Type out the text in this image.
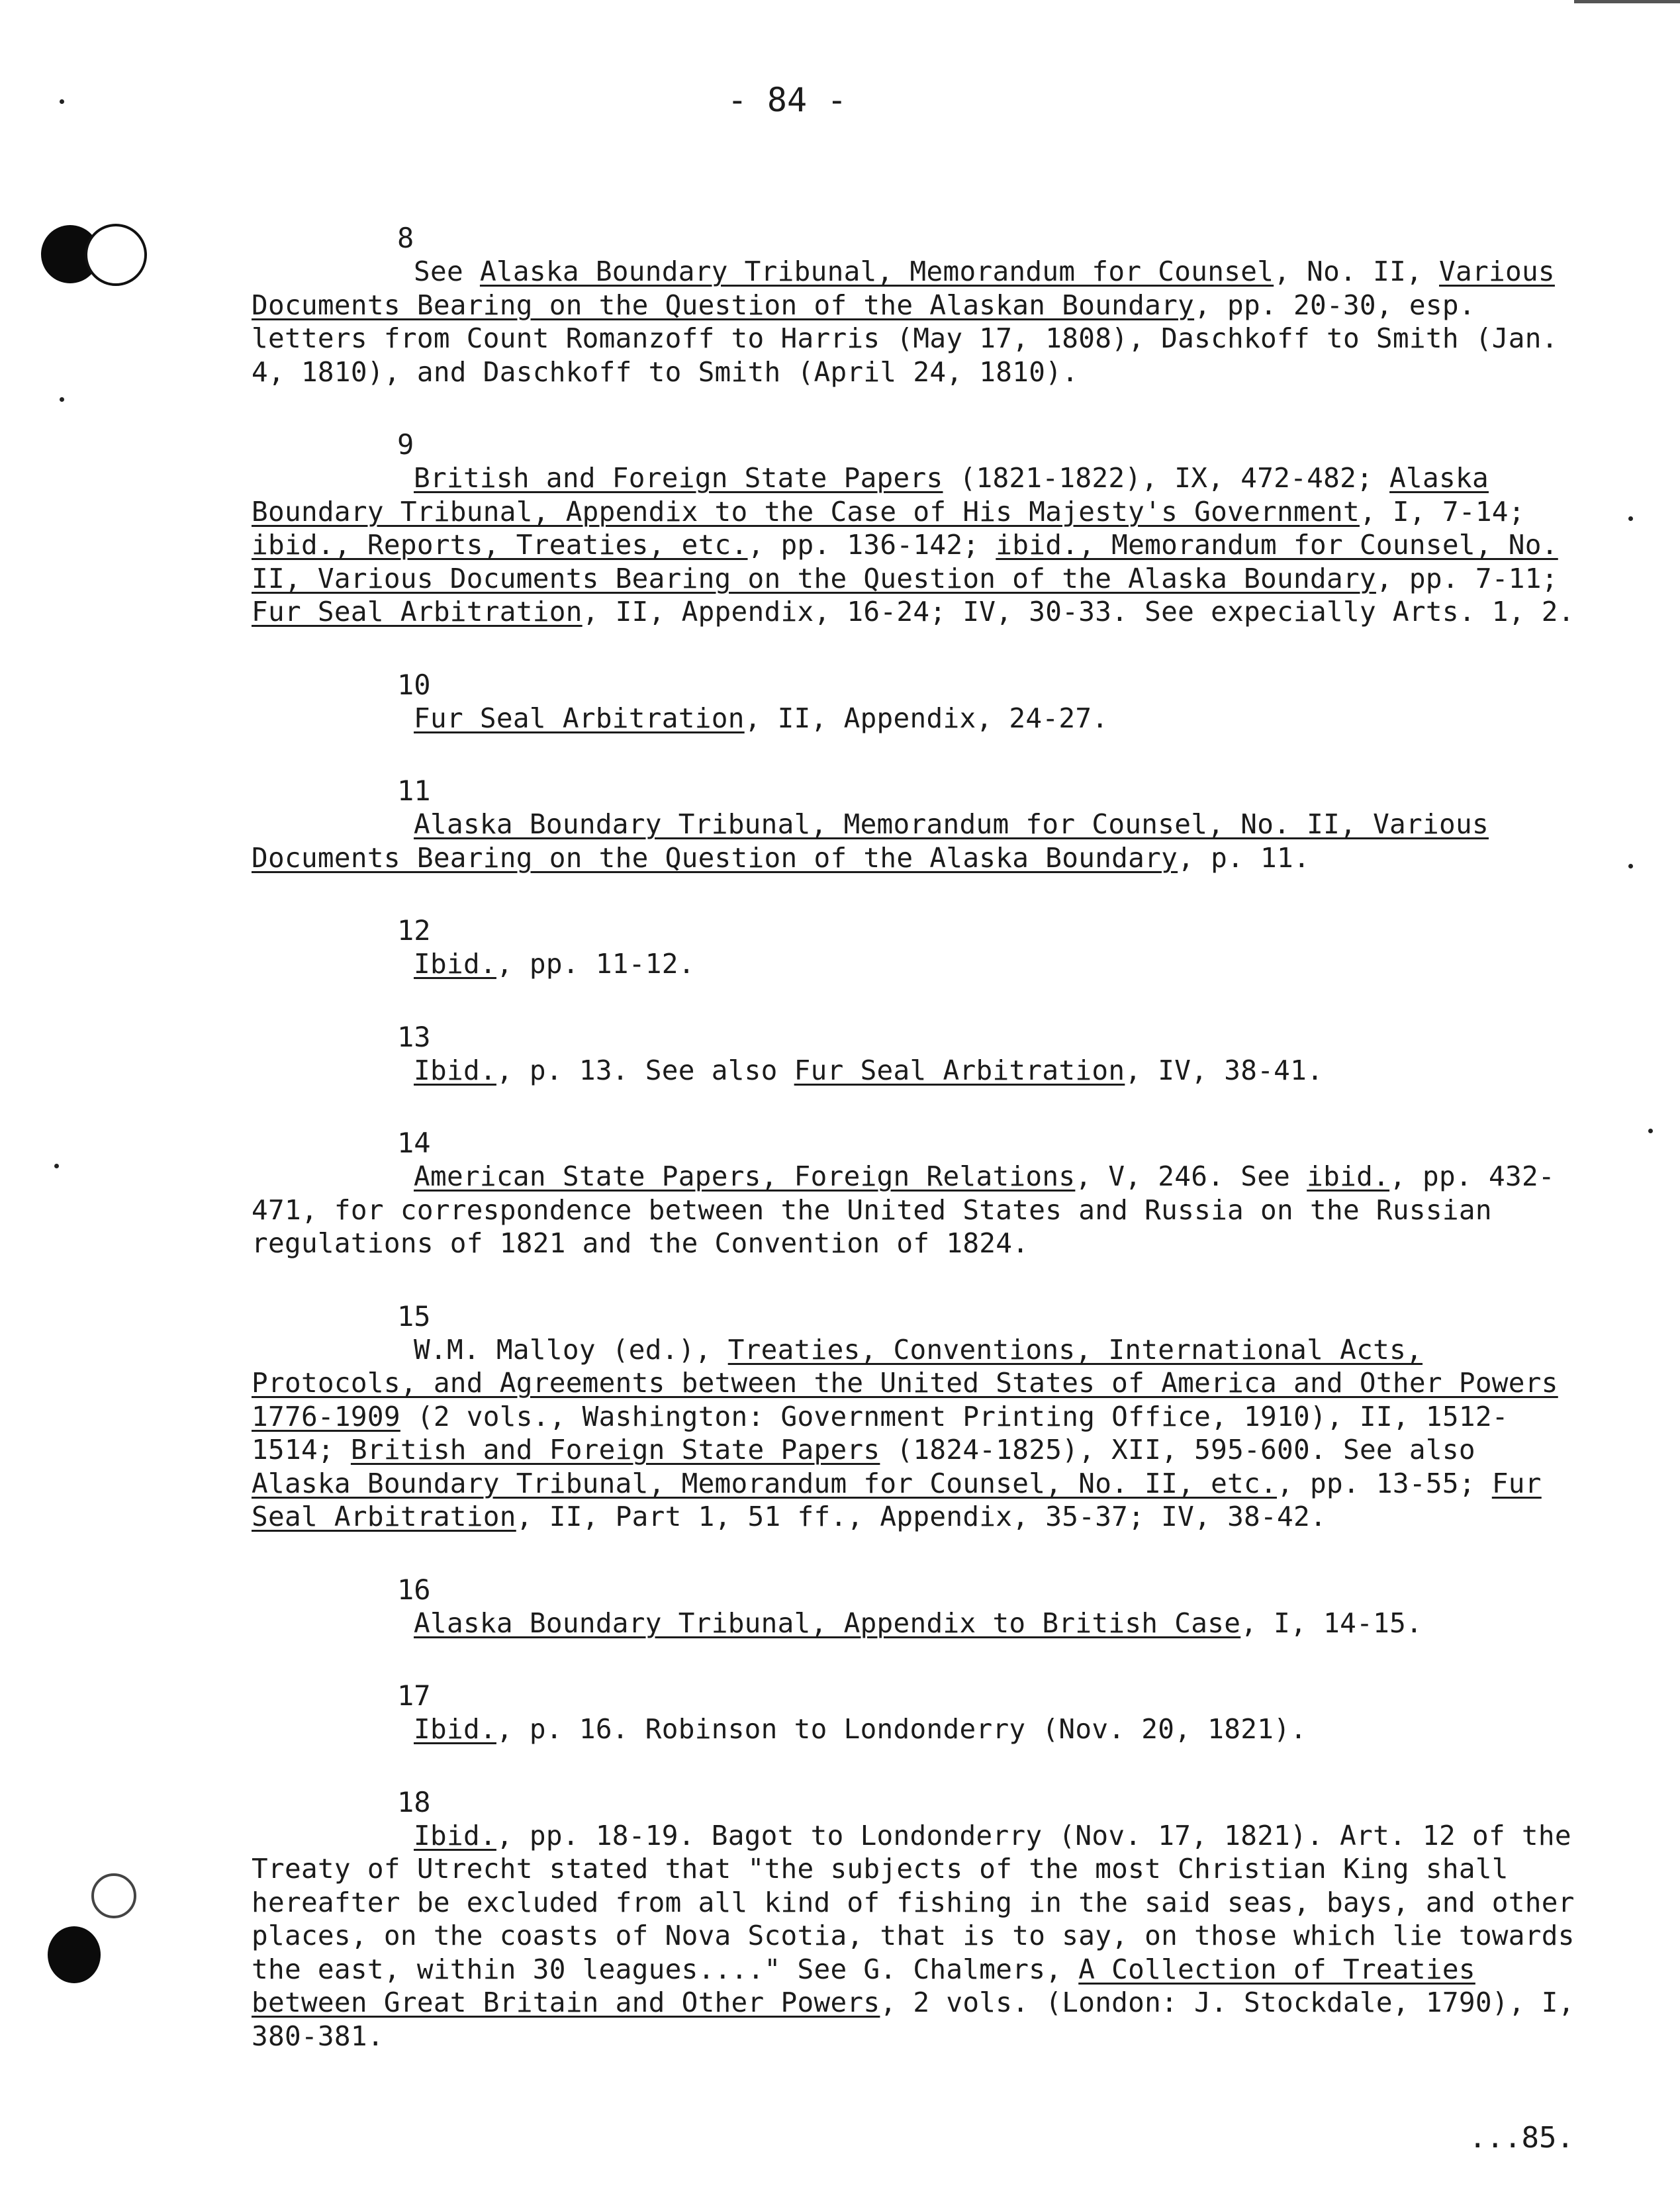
- 84 -
8

See Alaska Boundary Tribunal, Memorandum for Counsel, No. II, Various Documents Bearing on the Question of the Alaskan Boundary, pp. 20-30, esp. letters from Count Romanzoff to Harris (May 17, 1808), Daschkoff to Smith (Jan. 4, 1810), and Daschkoff to Smith (April 24, 1810).

9

British and Foreign State Papers (1821-1822), IX, 472-482; Alaska Boundary Tribunal, Appendix to the Case of His Majesty's Government, I, 7-14; ibid., Reports, Treaties, etc., pp. 136-142; ibid., Memorandum for Counsel, No. II, Various Documents Bearing on the Question of the Alaska Boundary, pp. 7-11; Fur Seal Arbitration, II, Appendix, 16-24; IV, 30-33. See expecially Arts. 1, 2.

10

Fur Seal Arbitration, II, Appendix, 24-27.

11

Alaska Boundary Tribunal, Memorandum for Counsel, No. II, Various Documents Bearing on the Question of the Alaska Boundary, p. 11.

12

Ibid., pp. 11-12.

13

Ibid., p. 13. See also Fur Seal Arbitration, IV, 38-41.

14

American State Papers, Foreign Relations, V, 246. See ibid., pp. 432-471, for correspondence between the United States and Russia on the Russian regulations of 1821 and the Convention of 1824.

15

W.M. Malloy (ed.), Treaties, Conventions, International Acts, Protocols, and Agreements between the United States of America and Other Powers 1776-1909 (2 vols., Washington: Government Printing Office, 1910), II, 1512-1514; British and Foreign State Papers (1824-1825), XII, 595-600. See also Alaska Boundary Tribunal, Memorandum for Counsel, No. II, etc., pp. 13-55; Fur Seal Arbitration, II, Part 1, 51 ff., Appendix, 35-37; IV, 38-42.

16

Alaska Boundary Tribunal, Appendix to British Case, I, 14-15.

17

Ibid., p. 16. Robinson to Londonderry (Nov. 20, 1821).

18

Ibid., pp. 18-19. Bagot to Londonderry (Nov. 17, 1821). Art. 12 of the Treaty of Utrecht stated that "the subjects of the most Christian King shall hereafter be excluded from all kind of fishing in the said seas, bays, and other places, on the coasts of Nova Scotia, that is to say, on those which lie towards the east, within 30 leagues...." See G. Chalmers, A Collection of Treaties between Great Britain and Other Powers, 2 vols. (London: J. Stockdale, 1790), I, 380-381.

...85.
